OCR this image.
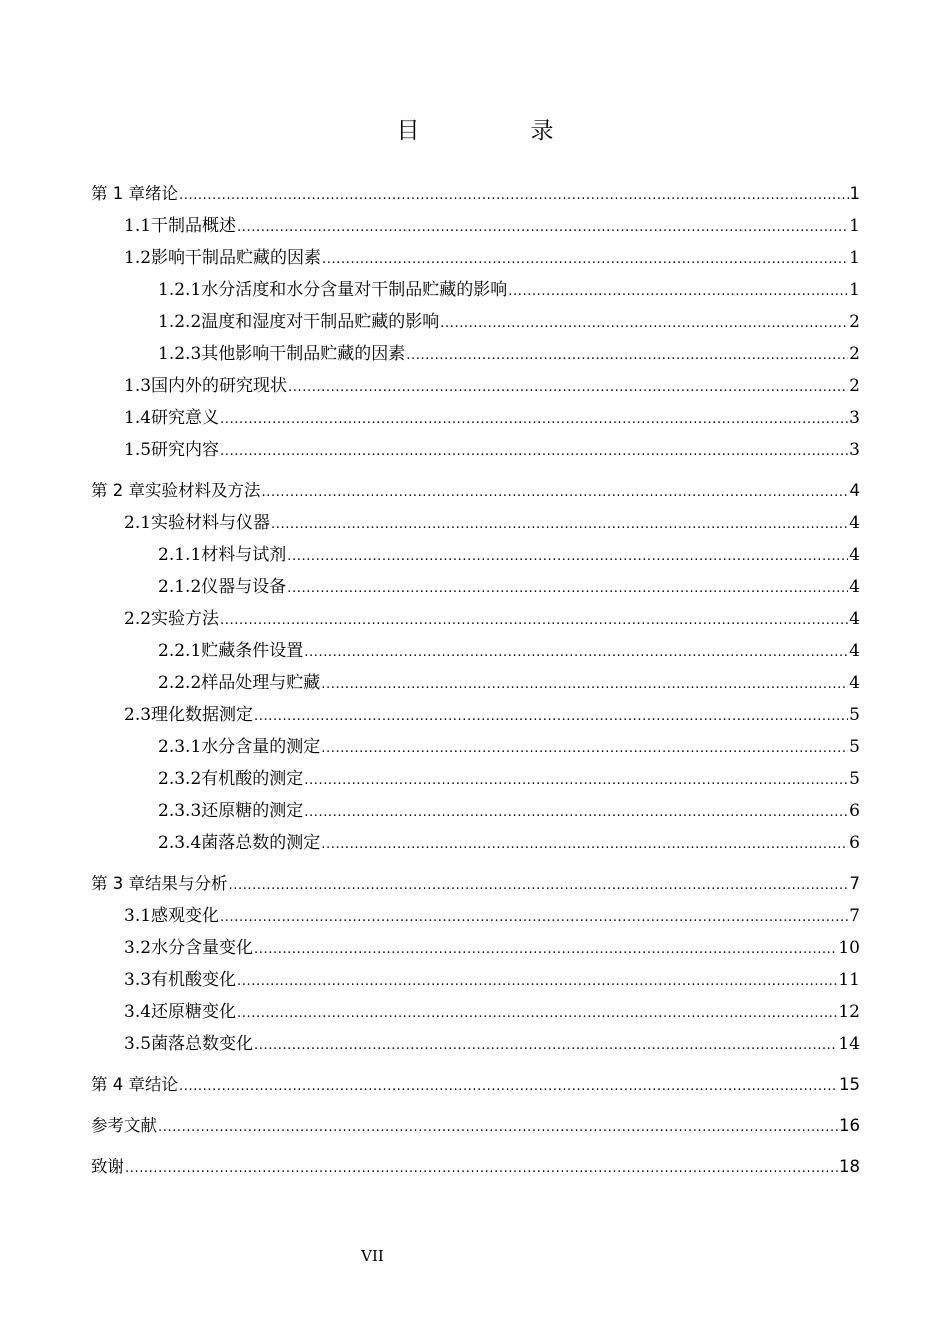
目　录
第 1 章 绪论 .....	1
1.1 干制品概述 .....	1
1.2 影响干制品贮藏的因素 .....	1
1.2.1 水分活度和水分含量对干制品贮藏的影响 .....	1
1.2.2 温度和湿度对干制品贮藏的影响 .....	2
1.2.3 其他影响干制品贮藏的因素 .....	2
1.3 国内外的研究现状 .....	2
1.4 研究意义 .....	3
1.5 研究内容 .....	3
第 2 章 实验材料及方法 .....	4
2.1 实验材料与仪器 .....	4
2.1.1 材料与试剂 .....	4
2.1.2 仪器与设备 .....	4
2.2 实验方法 .....	4
2.2.1 贮藏条件设置 .....	4
2.2.2 样品处理与贮藏 .....	4
2.3 理化数据测定 .....	5
2.3.1 水分含量的测定 .....	5
2.3.2 有机酸的测定 .....	5
2.3.3 还原糖的测定 .....	6
2.3.4 菌落总数的测定 .....	6
第 3 章 结果与分析 .....	7
3.1 感观变化 .....	7
3.2 水分含量变化 .....	10
3.3 有机酸变化 .....	11
3.4 还原糖变化 .....	12
3.5 菌落总数变化 .....	14
第 4 章 结论 .....	15
参考文献 .....	16
致谢 .....	18
VII
